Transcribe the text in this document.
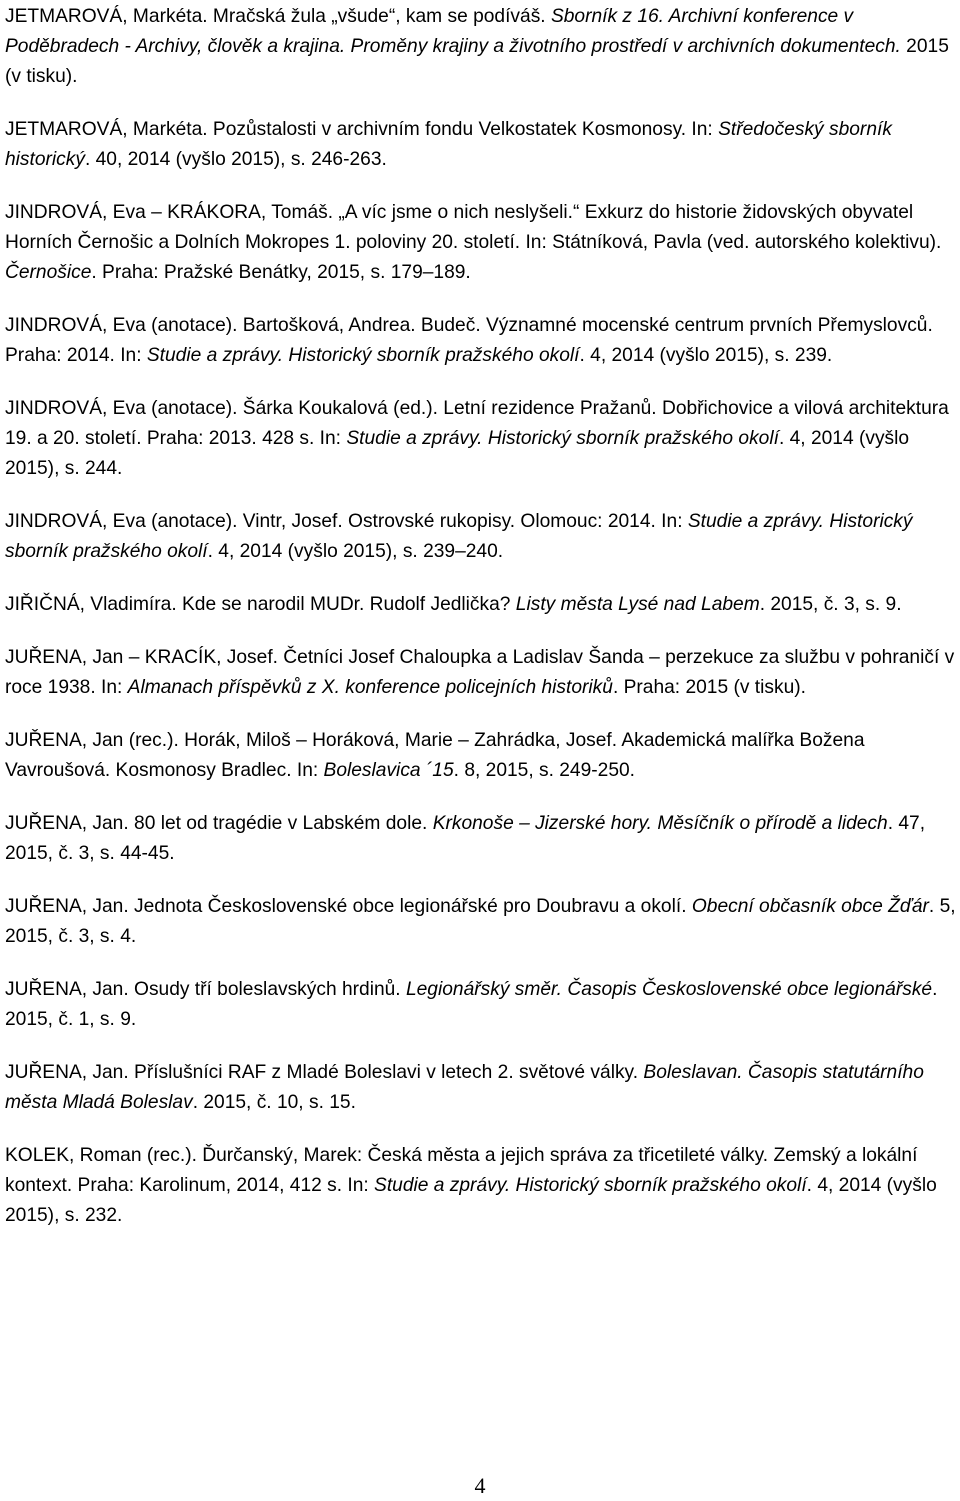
JETMAROVÁ, Markéta. Mračská žula „všude“, kam se podíváš. Sborník z 16. Archivní konference v Poděbradech - Archivy, člověk a krajina. Proměny krajiny a životního prostředí v archivních dokumentech. 2015 (v tisku).

JETMAROVÁ, Markéta. Pozůstalosti v archivním fondu Velkostatek Kosmonosy. In: Středočeský sborník historický. 40, 2014 (vyšlo 2015), s. 246-263.

JINDROVÁ, Eva – KRÁKORA, Tomáš. „A víc jsme o nich neslyšeli.“ Exkurz do historie židovských obyvatel Horních Černošic a Dolních Mokropes 1. poloviny 20. století. In: Státníková, Pavla (ved. autorského kolektivu). Černošice. Praha: Pražské Benátky, 2015, s. 179–189.

JINDROVÁ, Eva (anotace). Bartošková, Andrea. Budeč. Významné mocenské centrum prvních Přemyslovců. Praha: 2014. In: Studie a zprávy. Historický sborník pražského okolí. 4, 2014 (vyšlo 2015), s. 239.

JINDROVÁ, Eva (anotace). Šárka Koukalová (ed.). Letní rezidence Pražanů. Dobřichovice a vilová architektura 19. a 20. století. Praha: 2013. 428 s. In: Studie a zprávy. Historický sborník pražského okolí. 4, 2014 (vyšlo 2015), s. 244.

JINDROVÁ, Eva (anotace). Vintr, Josef. Ostrovské rukopisy. Olomouc: 2014. In: Studie a zprávy. Historický sborník pražského okolí. 4, 2014 (vyšlo 2015), s. 239–240.

JIŘIČNÁ, Vladimíra. Kde se narodil MUDr. Rudolf Jedlička? Listy města Lysé nad Labem. 2015, č. 3, s. 9.

JUŘENA, Jan – KRACÍK, Josef. Četníci Josef Chaloupka a Ladislav Šanda – perzekuce za službu v pohraničí v roce 1938. In: Almanach příspěvků z X. konference policejních historiků. Praha: 2015 (v tisku).

JUŘENA, Jan (rec.). Horák, Miloš – Horáková, Marie – Zahrádka, Josef. Akademická malířka Božena Vavroušová. Kosmonosy Bradlec. In: Boleslavica ´15. 8, 2015, s. 249-250.

JUŘENA, Jan. 80 let od tragédie v Labském dole. Krkonoše – Jizerské hory. Měsíčník o přírodě a lidech. 47, 2015, č. 3, s. 44-45.

JUŘENA, Jan. Jednota Československé obce legionářské pro Doubravu a okolí. Obecní občasník obce Žďár. 5, 2015, č. 3, s. 4.

JUŘENA, Jan. Osudy tří boleslavských hrdinů. Legionářský směr. Časopis Československé obce legionářské. 2015, č. 1, s. 9.

JUŘENA, Jan. Příslušníci RAF z Mladé Boleslavi v letech 2. světové války. Boleslavan. Časopis statutárního města Mladá Boleslav. 2015, č. 10, s. 15.

KOLEK, Roman (rec.). Ďurčanský, Marek: Česká města a jejich správa za třicetileté války. Zemský a lokální kontext. Praha: Karolinum, 2014, 412 s. In: Studie a zprávy. Historický sborník pražského okolí. 4, 2014 (vyšlo 2015), s. 232.

4
